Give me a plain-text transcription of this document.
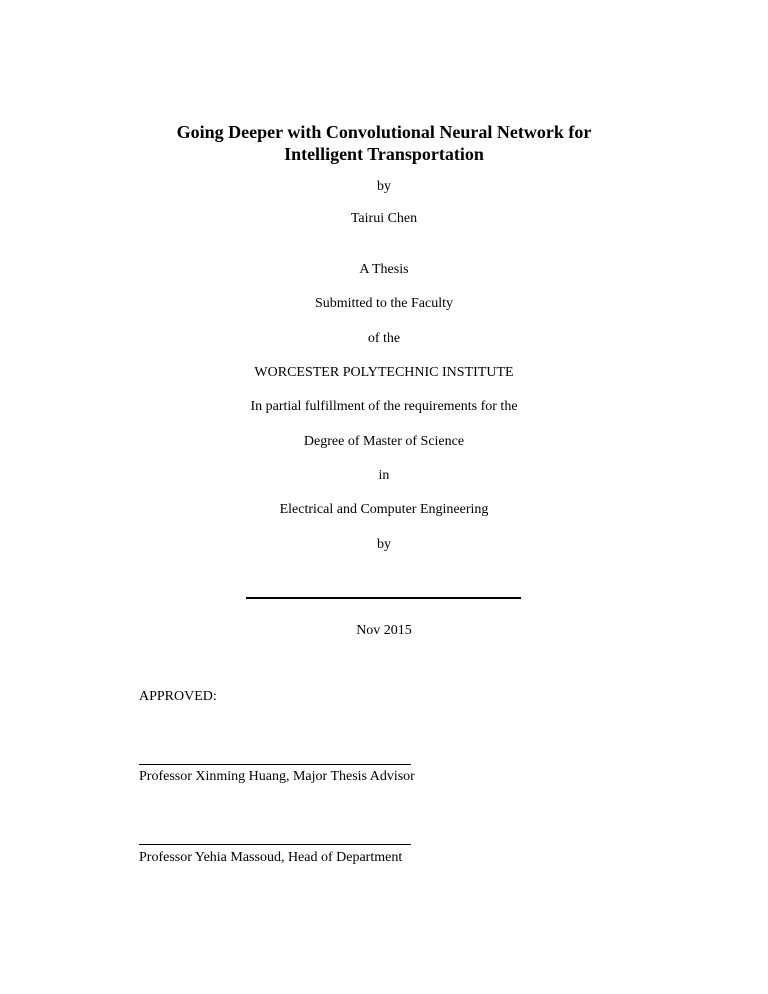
Going Deeper with Convolutional Neural Network for
Intelligent Transportation
by
Tairui Chen
A Thesis
Submitted to the Faculty
of the
WORCESTER POLYTECHNIC INSTITUTE
In partial fulfillment of the requirements for the
Degree of Master of Science
in
Electrical and Computer Engineering
by
Nov 2015
APPROVED:
Professor Xinming Huang, Major Thesis Advisor
Professor Yehia Massoud, Head of Department
